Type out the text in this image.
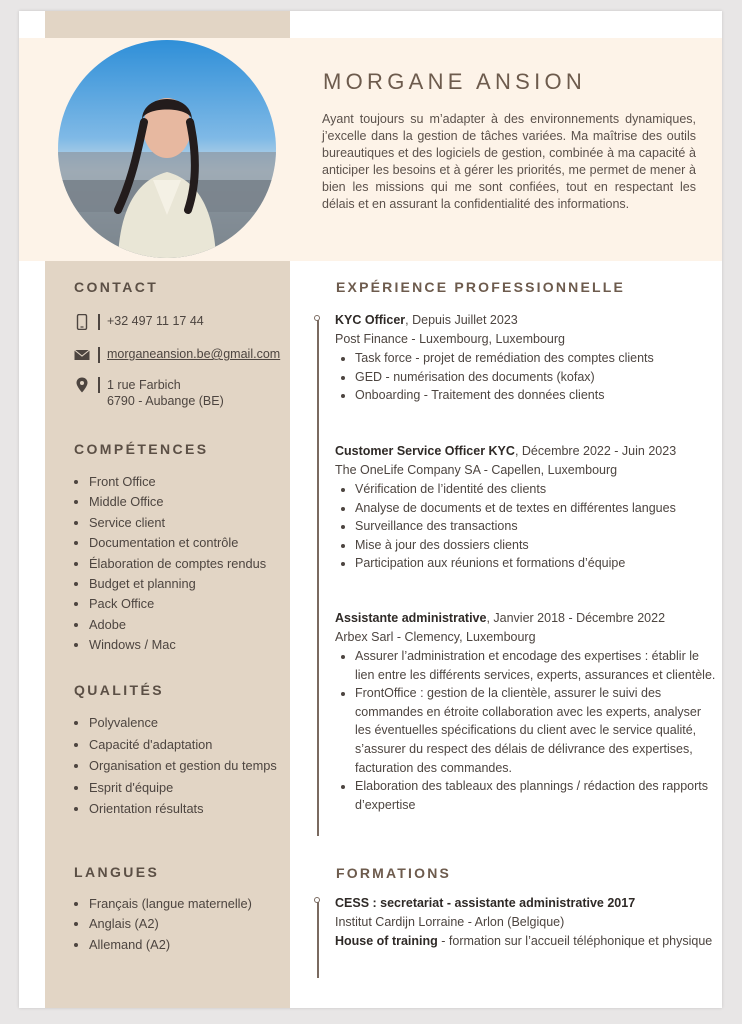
MORGANE ANSION

Ayant toujours su m’adapter à des environnements dynamiques, j’excelle dans la gestion de tâches variées. Ma maîtrise des outils bureautiques et des logiciels de gestion, combinée à ma capacité à anticiper les besoins et à gérer les priorités, me permet de mener à bien les missions qui me sont confiées, tout en respectant les délais et en assurant la confidentialité des informations.

CONTACT
+32 497 11 17 44
morganeansion.be@gmail.com
1 rue Farbich
6790 - Aubange (BE)
COMPÉTENCES
• Front Office
• Middle Office
• Service client
• Documentation et contrôle
• Élaboration de comptes rendus
• Budget et planning
• Pack Office
• Adobe
• Windows / Mac
QUALITÉS
• Polyvalence
• Capacité d'adaptation
• Organisation et gestion du temps
• Esprit d'équipe
• Orientation résultats
LANGUES
• Français (langue maternelle)
• Anglais (A2)
• Allemand (A2)
EXPÉRIENCE PROFESSIONNELLE

KYC Officer, Depuis Juillet 2023

Post Finance - Luxembourg, Luxembourg

• Task force - projet de remédiation des comptes clients
• GED - numérisation des documents (kofax)
• Onboarding - Traitement des données clients

Customer Service Officer KYC, Décembre 2022 - Juin 2023

The OneLife Company SA - Capellen, Luxembourg

• Vérification de l’identité des clients
• Analyse de documents et de textes en différentes langues
• Surveillance des transactions
• Mise à jour des dossiers clients
• Participation aux réunions et formations d’équipe

Assistante administrative, Janvier 2018 - Décembre 2022

Arbex Sarl - Clemency, Luxembourg

• Assurer l’administration et encodage des expertises : établir le lien entre les différents services, experts, assurances et clientèle.
• FrontOffice : gestion de la clientèle, assurer le suivi des commandes en étroite collaboration avec les experts, analyser les éventuelles spécifications du client avec le service qualité, s’assurer du respect des délais de délivrance des expertises, facturation des commandes.
• Elaboration des tableaux des plannings / rédaction des rapports d’expertise
FORMATIONS

CESS : secretariat - assistante administrative 2017

Institut Cardijn Lorraine - Arlon (Belgique)

House of training - formation sur l’accueil téléphonique et physique
